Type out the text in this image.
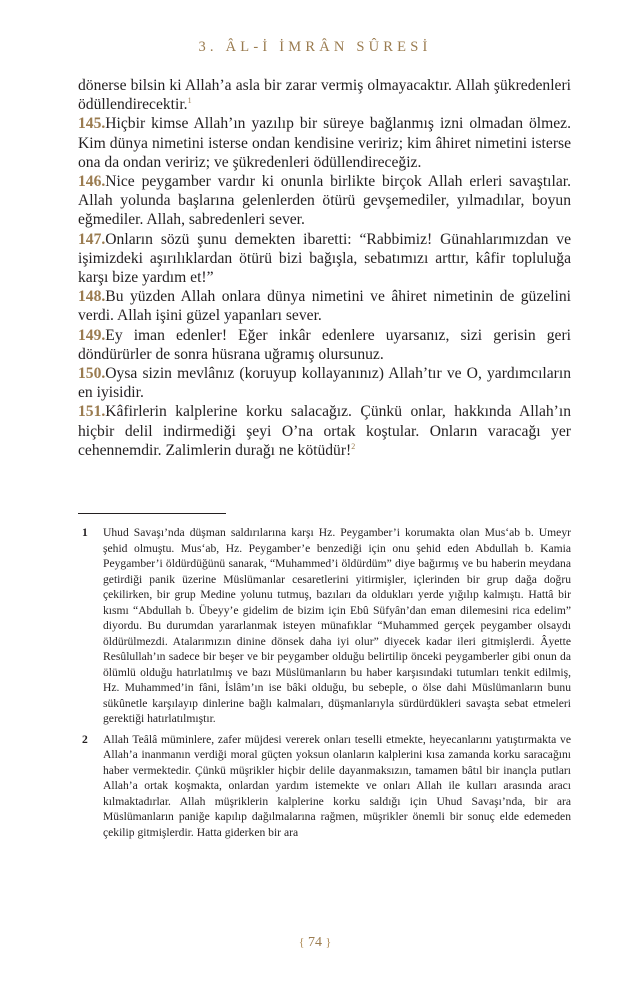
3. ÂL-İ İMRÂN SÛRESİ

dönerse bilsin ki Allah’a asla bir zarar vermiş olmayacaktır. Allah şükredenleri ödüllendirecektir.$^1$

145.Hiçbir kimse Allah’ın yazılıp bir süreye bağlanmış izni olmadan ölmez. Kim dünya nimetini isterse ondan kendisine veririz; kim âhiret nimetini isterse ona da ondan veririz; ve şükredenleri ödüllendireceğiz.

146.Nice peygamber vardır ki onunla birlikte birçok Allah erleri savaştılar. Allah yolunda başlarına gelenlerden ötürü gevşemediler, yılmadılar, boyun eğmediler. Allah, sabredenleri sever.

147.Onların sözü şunu demekten ibaretti: “Rabbimiz! Günahlarımızdan ve işimizdeki aşırılıklardan ötürü bizi bağışla, sebatımızı arttır, kâfir topluluğa karşı bize yardım et!”

148.Bu yüzden Allah onlara dünya nimetini ve âhiret nimetinin de güzelini verdi. Allah işini güzel yapanları sever.

149.Ey iman edenler! Eğer inkâr edenlere uyarsanız, sizi gerisin geri döndürürler de sonra hüsrana uğramış olursunuz.

150.Oysa sizin mevlânız (koruyup kollayanınız) Allah’tır ve O, yardımcıların en iyisidir.

151.Kâfirlerin kalplerine korku salacağız. Çünkü onlar, hakkında Allah’ın hiçbir delil indirmediği şeyi O’na ortak koştular. Onların varacağı yer cehennemdir. Zalimlerin durağı ne kötüdür!$^2$

1 Uhud Savaşı’nda düşman saldırılarına karşı Hz. Peygamber’i korumakta olan Mus‘ab b. Umeyr şehid olmuştu. Mus‘ab, Hz. Peygamber’e benzediği için onu şehid eden Abdullah b. Kamia Peygamber’i öldürdüğünü sanarak, “Muhammed’i öldürdüm” diye bağırmış ve bu haberin meydana getirdiği panik üzerine Müslümanlar cesaretlerini yitirmişler, içlerinden bir grup dağa doğru çekilirken, bir grup Medine yolunu tutmuş, bazıları da oldukları yerde yığılıp kalmıştı. Hattâ bir kısmı “Abdullah b. Übeyy’e gidelim de bizim için Ebû Süfyân’dan eman dilemesini rica edelim” diyordu. Bu durumdan yararlanmak isteyen münafıklar “Muhammed gerçek peygamber olsaydı öldürülmezdi. Atalarımızın dinine dönsek daha iyi olur” diyecek kadar ileri gitmişlerdi. Âyette Resûlullah’ın sadece bir beşer ve bir peygamber olduğu belirtilip önceki peygamberler gibi onun da ölümlü olduğu hatırlatılmış ve bazı Müslümanların bu haber karşısındaki tutumları tenkit edilmiş, Hz. Muhammed’in fâni, İslâm’ın ise bâki olduğu, bu sebeple, o ölse dahi Müslümanların bunu sükûnetle karşılayıp dinlerine bağlı kalmaları, düşmanlarıyla sürdürdükleri savaşta sebat etmeleri gerektiği hatırlatılmıştır.

2 Allah Teâlâ müminlere, zafer müjdesi vererek onları teselli etmekte, heyecanlarını yatıştırmakta ve Allah’a inanmanın verdiği moral güçten yoksun olanların kalplerini kısa zamanda korku saracağını haber vermektedir. Çünkü müşrikler hiçbir delile dayanmaksızın, tamamen bâtıl bir inançla putları Allah’a ortak koşmakta, onlardan yardım istemekte ve onları Allah ile kulları arasında aracı kılmaktadırlar. Allah müşriklerin kalplerine korku saldığı için Uhud Savaşı’nda, bir ara Müslümanların paniğe kapılıp dağılmalarına rağmen, müşrikler önemli bir sonuç elde edemeden çekilip gitmişlerdir. Hatta giderken bir ara

{ 74 }
